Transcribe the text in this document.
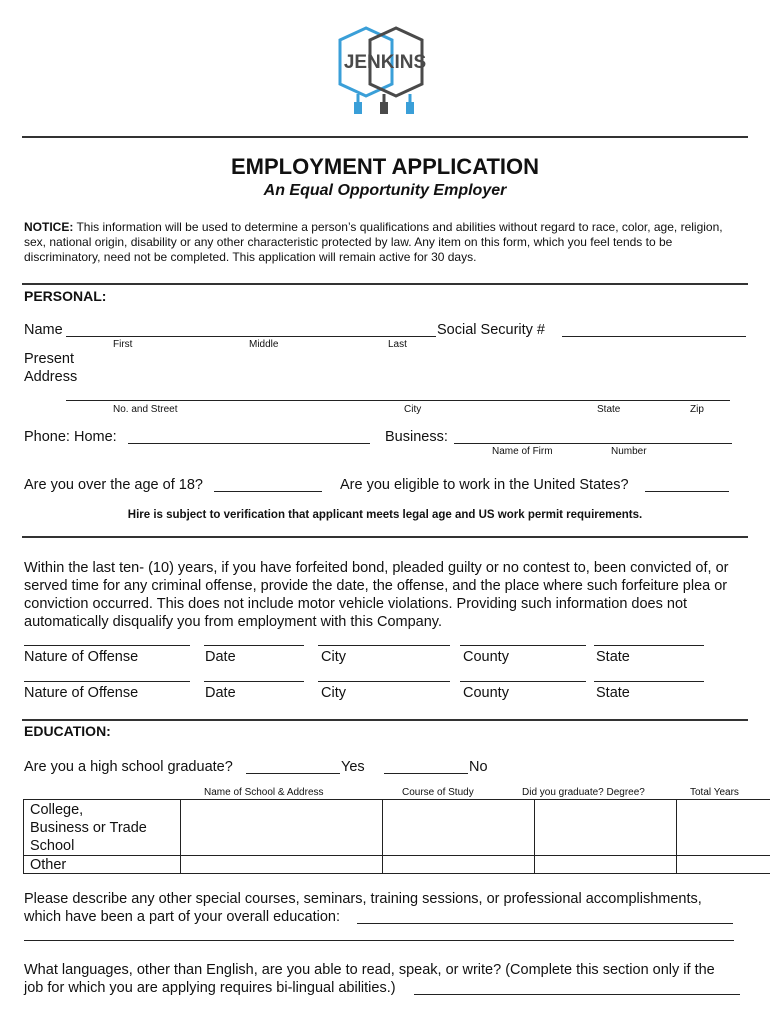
JENKINS
EMPLOYMENT APPLICATION
An Equal Opportunity Employer
NOTICE: This information will be used to determine a person’s qualifications and abilities without regard to race, color, age, religion, sex, national origin, disability or any other characteristic protected by law. Any item on this form, which you feel tends to be discriminatory, need not be completed. This application will remain active for 30 days.
PERSONAL:
Name
First	Middle	Last
Social Security #
Present
Address
No. and Street	City	State	Zip
Phone: Home:	Business:
Name of Firm	Number
Are you over the age of 18?	Are you eligible to work in the United States?
Hire is subject to verification that applicant meets legal age and US work permit requirements.
Within the last ten- (10) years, if you have forfeited bond, pleaded guilty or no contest to, been convicted of, or served time for any criminal offense, provide the date, the offense, and the place where such forfeiture plea or conviction occurred. This does not include motor vehicle violations. Providing such information does not automatically disqualify you from employment with this Company.
Nature of Offense	Date	City	County	State
Nature of Offense	Date	City	County	State
EDUCATION:
Are you a high school graduate?	Yes	No
Name of School & Address	Course of Study	Did you graduate? Degree?	Total Years
College,
Business or Trade
School				

Other				
Please describe any other special courses, seminars, training sessions, or professional accomplishments,
which have been a part of your overall education:
What languages, other than English, are you able to read, speak, or write? (Complete this section only if the
job for which you are applying requires bi-lingual abilities.)
